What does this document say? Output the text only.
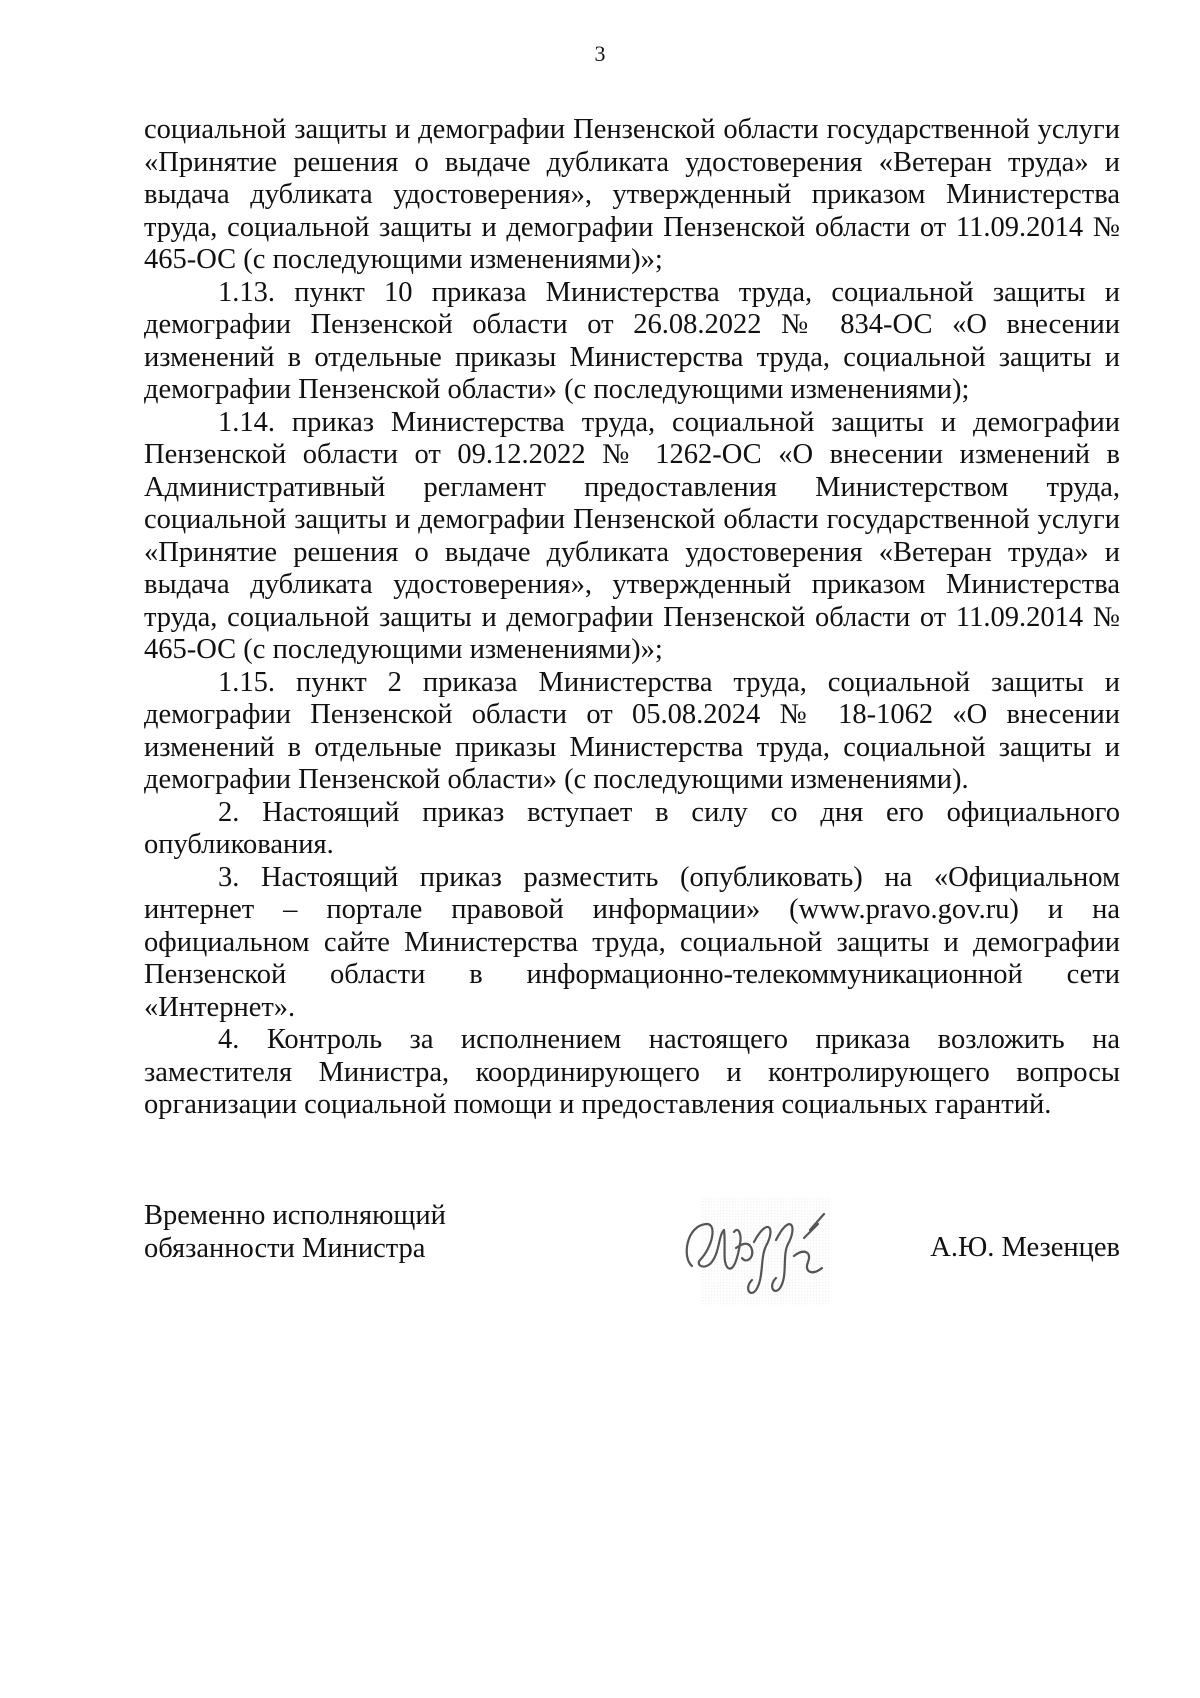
3

социальной защиты и демографии Пензенской области государственной услуги «Принятие решения о выдаче дубликата удостоверения «Ветеран труда» и выдача дубликата удостоверения», утвержденный приказом Министерства труда, социальной защиты и демографии Пензенской области от 11.09.2014 № 465-ОС (с последующими изменениями)»;

1.13. пункт 10 приказа Министерства труда, социальной защиты и демографии Пензенской области от 26.08.2022 № 834-ОС «О внесении изменений в отдельные приказы Министерства труда, социальной защиты и демографии Пензенской области» (с последующими изменениями);

1.14. приказ Министерства труда, социальной защиты и демографии Пензенской области от 09.12.2022 № 1262-ОС «О внесении изменений в Административный регламент предоставления Министерством труда, социальной защиты и демографии Пензенской области государственной услуги «Принятие решения о выдаче дубликата удостоверения «Ветеран труда» и выдача дубликата удостоверения», утвержденный приказом Министерства труда, социальной защиты и демографии Пензенской области от 11.09.2014 № 465-ОС (с последующими изменениями)»;

1.15. пункт 2 приказа Министерства труда, социальной защиты и демографии Пензенской области от 05.08.2024 № 18-1062 «О внесении изменений в отдельные приказы Министерства труда, социальной защиты и демографии Пензенской области» (с последующими изменениями).

2. Настоящий приказ вступает в силу со дня его официального опубликования.

3. Настоящий приказ разместить (опубликовать) на «Официальном интернет – портале правовой информации» (www.pravo.gov.ru) и на официальном сайте Министерства труда, социальной защиты и демографии Пензенской области в информационно-телекоммуникационной сети «Интернет».

4. Контроль за исполнением настоящего приказа возложить на заместителя Министра, координирующего и контролирующего вопросы организации социальной помощи и предоставления социальных гарантий.

Временно исполняющий
обязанности Министра	А.Ю. Мезенцев
